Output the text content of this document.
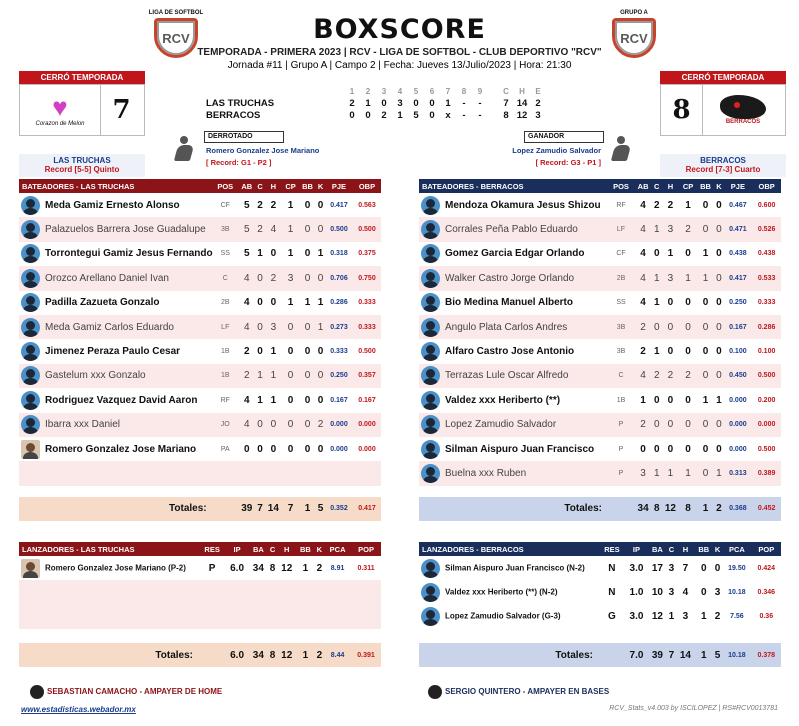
BOXSCORE
TEMPORADA - PRIMERA 2023 | RCV - LIGA DE SOFTBOL - CLUB DEPORTIVO "RCV"
Jornada #11 | Grupo A | Campo 2 | Fecha: Jueves 13/Julio/2023 | Hora: 21:30
LIGA DE SOFTBOL
RCV
GRUPO A
RCV
CERRÓ TEMPORADA
♥
Corazon de Melon	7
LAS TRUCHAS
Record [5-5] Quinto
CERRÓ TEMPORADA
8	BERRACOS
BERRACOS
Record [7-3] Cuarto
1 2 3 4 5 6 7 8 9	C H E
LAS TRUCHAS	2 1 0 3 0 0 1 - - 7 14 2
BERRACOS	0 0 2 1 5 0 x - - 8 12 3
DERROTADO
Romero Gonzalez Jose Mariano
[ Record: G1 - P2 ]
GANADOR
Lopez Zamudio Salvador
[ Record: G3 - P1 ]
BATEADORES - LAS TRUCHAS	POS	AB	C	H	CP	BB	K	PJE	OBP
Meda Gamiz Ernesto Alonso	CF	5	2	2	1	0	0	0.417	0.563
Palazuelos Barrera Jose Guadalupe	3B	5	2	4	1	0	0	0.500	0.500
Torrontegui Gamiz Jesus Fernando	SS	5	1	0	1	0	1	0.318	0.375
Orozco Arellano Daniel Ivan	C	4	0	2	3	0	0	0.706	0.750
Padilla Zazueta Gonzalo	2B	4	0	0	1	1	1	0.286	0.333
Meda Gamiz Carlos Eduardo	LF	4	0	3	0	0	1	0.273	0.333
Jimenez Peraza Paulo Cesar	1B	2	0	1	0	0	0	0.333	0.500
Gastelum xxx Gonzalo	1B	2	1	1	0	0	0	0.250	0.357
Rodriguez Vazquez David Aaron	RF	4	1	1	0	0	0	0.167	0.167
Ibarra xxx Daniel	JO	4	0	0	0	0	2	0.000	0.000
Romero Gonzalez Jose Mariano	PA	0	0	0	0	0	0	0.000	0.000

Totales:		39	7	14	7	1	5	0.352	0.417
BATEADORES - BERRACOS	POS	AB	C	H	CP	BB	K	PJE	OBP
Mendoza Okamura Jesus Shizou	RF	4	2	2	1	0	0	0.467	0.600
Corrales Peña Pablo Eduardo	LF	4	1	3	2	0	0	0.471	0.526
Gomez Garcia Edgar Orlando	CF	4	0	1	0	1	0	0.438	0.438
Walker Castro Jorge Orlando	2B	4	1	3	1	1	0	0.417	0.533
Bio Medina Manuel Alberto	SS	4	1	0	0	0	0	0.250	0.333
Angulo Plata Carlos Andres	3B	2	0	0	0	0	0	0.167	0.286
Alfaro Castro Jose Antonio	3B	2	1	0	0	0	0	0.100	0.100
Terrazas Lule Oscar Alfredo	C	4	2	2	2	0	0	0.450	0.500
Valdez xxx Heriberto (**)	1B	1	0	0	0	1	1	0.000	0.200
Lopez Zamudio Salvador	P	2	0	0	0	0	0	0.000	0.000
Silman Aispuro Juan Francisco	P	0	0	0	0	0	0	0.000	0.500
Buelna xxx Ruben	P	3	1	1	1	0	1	0.313	0.389

Totales:		34	8	12	8	1	2	0.368	0.452
LANZADORES - LAS TRUCHAS	RES	IP	BA	C	H	BB	K	PCA	POP
Romero Gonzalez Jose Mariano (P-2)	P	6.0	34	8	12	1	2	8.91	0.311

Totales:		6.0	34	8	12	1	2	8.44	0.391
LANZADORES - BERRACOS	RES	IP	BA	C	H	BB	K	PCA	POP
Silman Aispuro Juan Francisco (N-2)	N	3.0	17	3	7	0	0	19.50	0.424
Valdez xxx Heriberto (**) (N-2)	N	1.0	10	3	4	0	3	10.18	0.346
Lopez Zamudio Salvador (G-3)	G	3.0	12	1	3	1	2	7.56	0.36

Totales:		7.0	39	7	14	1	5	10.18	0.378
SEBASTIAN CAMACHO - AMPAYER DE HOME	SERGIO QUINTERO - AMPAYER EN BASES
www.estadisticas.webador.mx	RCV_Stats_v4.003 by ISCILOPEZ | RS#RCV0013781
